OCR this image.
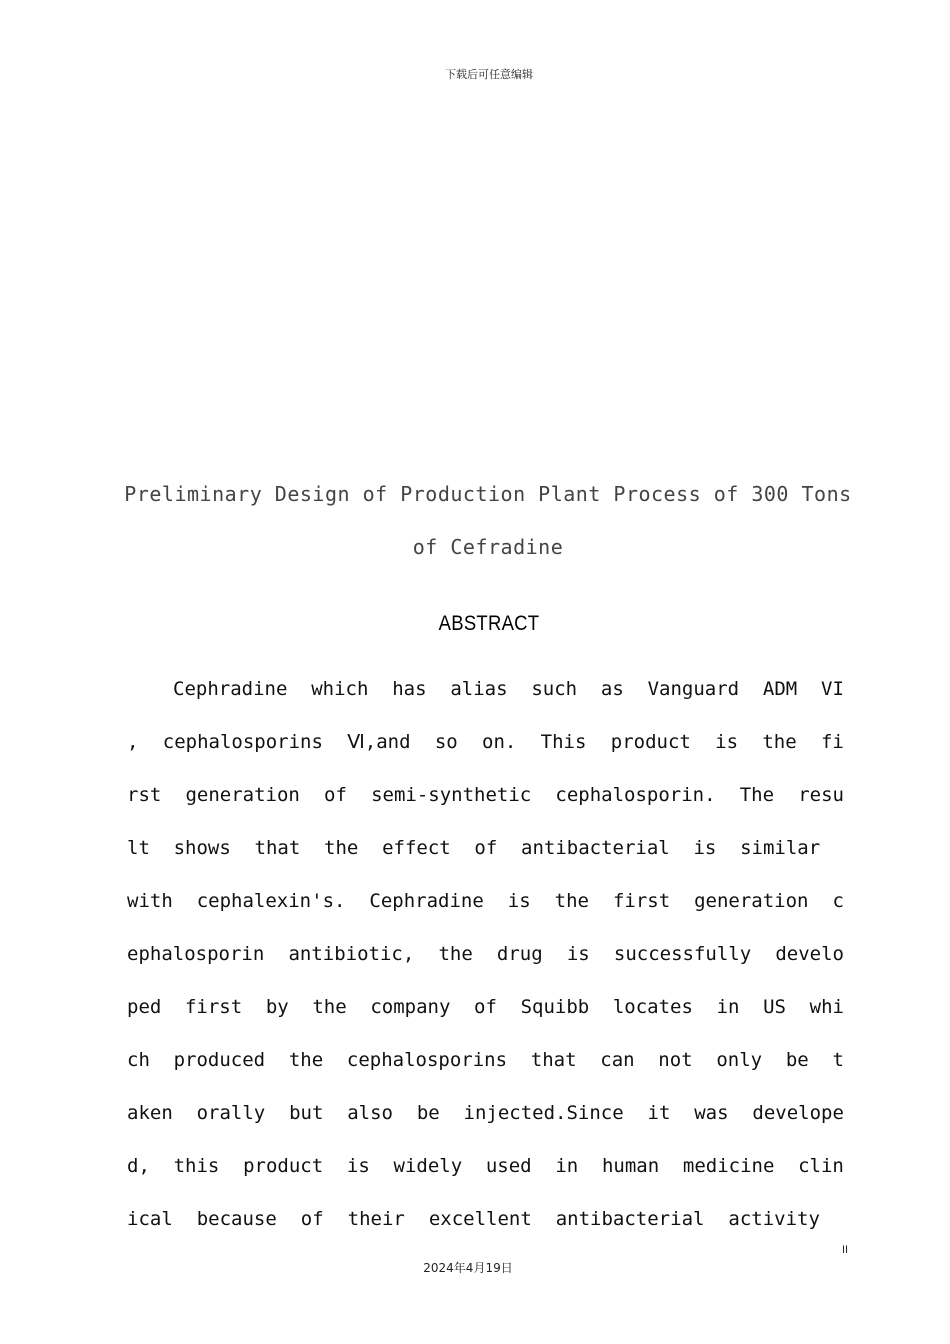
下载后可任意编辑
Preliminary Design of Production Plant Process of 300 Tons
of Cefradine
ABSTRACT
Cephradine which has alias such as Vanguard ADM VI
, cephalosporins Ⅵ,and so on. This product is the fi
rst generation of semi-synthetic cephalosporin. The resu
lt shows that the effect of antibacterial is similar
with cephalexin's. Cephradine is the first generation c
ephalosporin antibiotic, the drug is successfully develo
ped first by the company of Squibb locates in US whi
ch produced the cephalosporins that can not only be t
aken orally but also be injected.Since it was develope
d, this product is widely used in human medicine clin
ical because of their excellent antibacterial activity
II
2024年4月19日
